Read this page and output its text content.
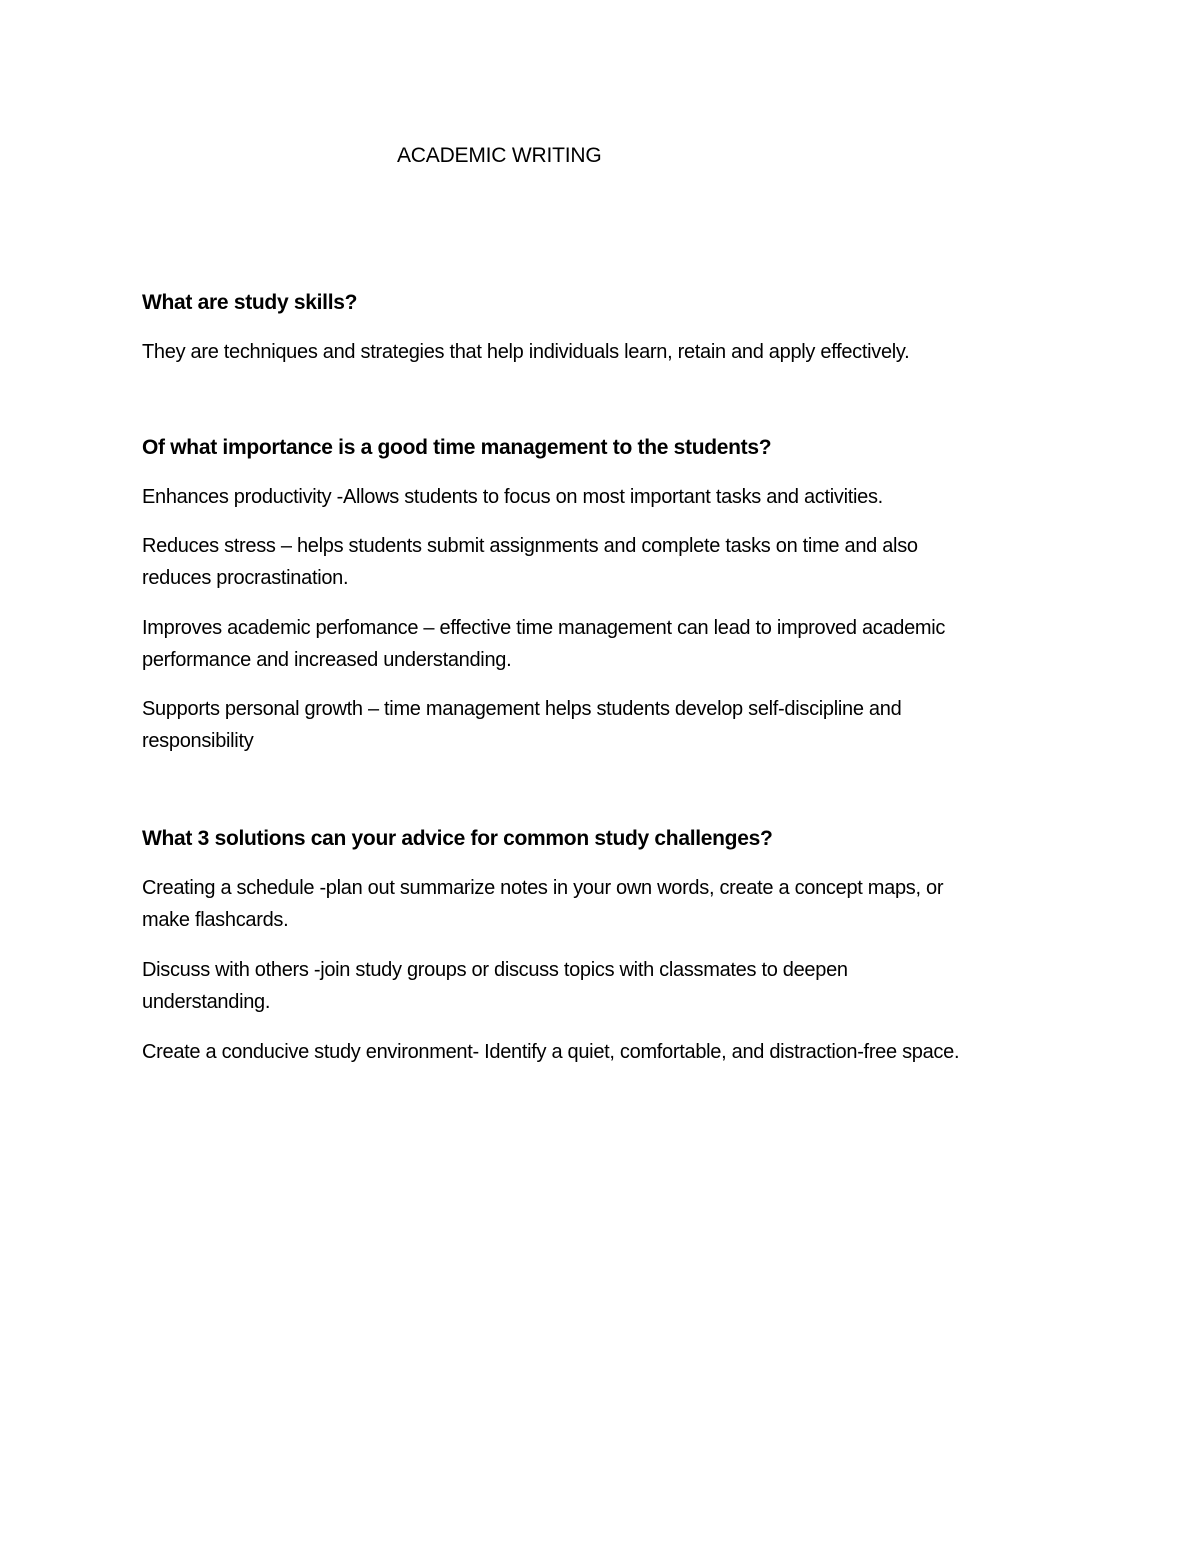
ACADEMIC WRITING
What are study skills?
They are techniques and strategies that help individuals learn, retain and apply effectively.
Of what importance is a good time management to the students?
Enhances productivity -Allows students to focus on most important tasks and activities.
Reduces stress – helps students submit assignments and complete tasks on time and also
reduces procrastination.
Improves academic perfomance – effective time management can lead to improved academic
performance and increased understanding.
Supports personal growth – time management helps students develop self-discipline and
responsibility
What 3 solutions can your advice for common study challenges?
Creating a schedule -plan out summarize notes in your own words, create a concept maps, or
make flashcards.
Discuss with others -join study groups or discuss topics with classmates to deepen
understanding.
Create a conducive study environment- Identify a quiet, comfortable, and distraction-free space.
